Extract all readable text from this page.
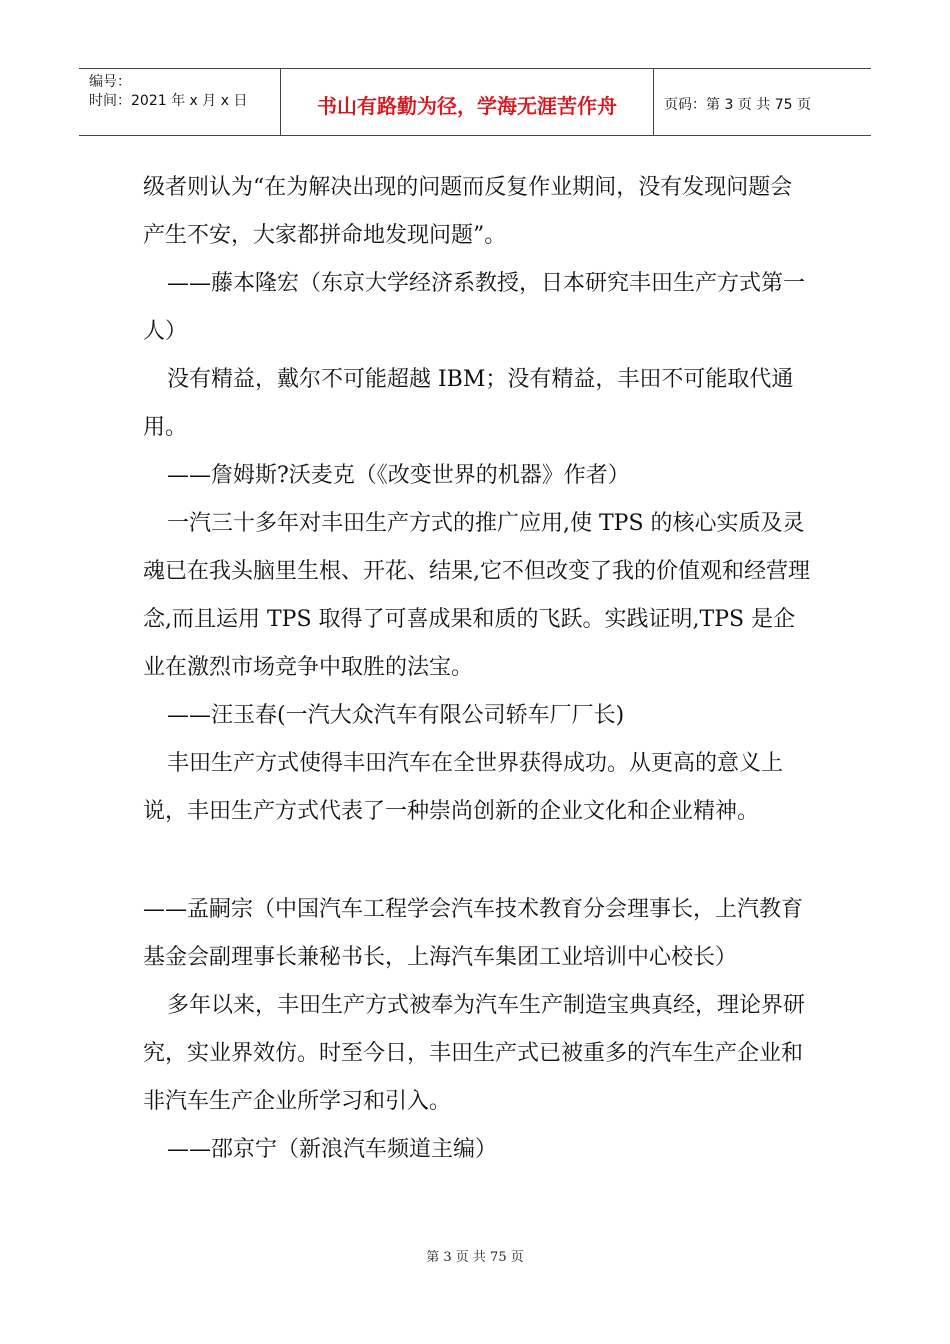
编号：
时间：2021 年 x 月 x 日	书山有路勤为径，学海无涯苦作舟	页码：第 3 页 共 75 页

级者则认为“在为解决出现的问题而反复作业期间，没有发现问题会产生不安，大家都拼命地发现问题”。

——藤本隆宏（东京大学经济系教授，日本研究丰田生产方式第一人）

没有精益，戴尔不可能超越 IBM；没有精益，丰田不可能取代通用。

——詹姆斯?沃麦克（《改变世界的机器》作者）

一汽三十多年对丰田生产方式的推广应用,使 TPS 的核心实质及灵魂已在我头脑里生根、开花、结果,它不但改变了我的价值观和经营理念,而且运用 TPS 取得了可喜成果和质的飞跃。实践证明,TPS 是企业在激烈市场竞争中取胜的法宝。

——汪玉春(一汽大众汽车有限公司轿车厂厂长)

丰田生产方式使得丰田汽车在全世界获得成功。从更高的意义上说，丰田生产方式代表了一种崇尚创新的企业文化和企业精神。

——孟嗣宗（中国汽车工程学会汽车技术教育分会理事长，上汽教育基金会副理事长兼秘书长，上海汽车集团工业培训中心校长）

多年以来，丰田生产方式被奉为汽车生产制造宝典真经，理论界研究，实业界效仿。时至今日，丰田生产式已被重多的汽车生产企业和非汽车生产企业所学习和引入。

——邵京宁（新浪汽车频道主编）

第 3 页 共 75 页
